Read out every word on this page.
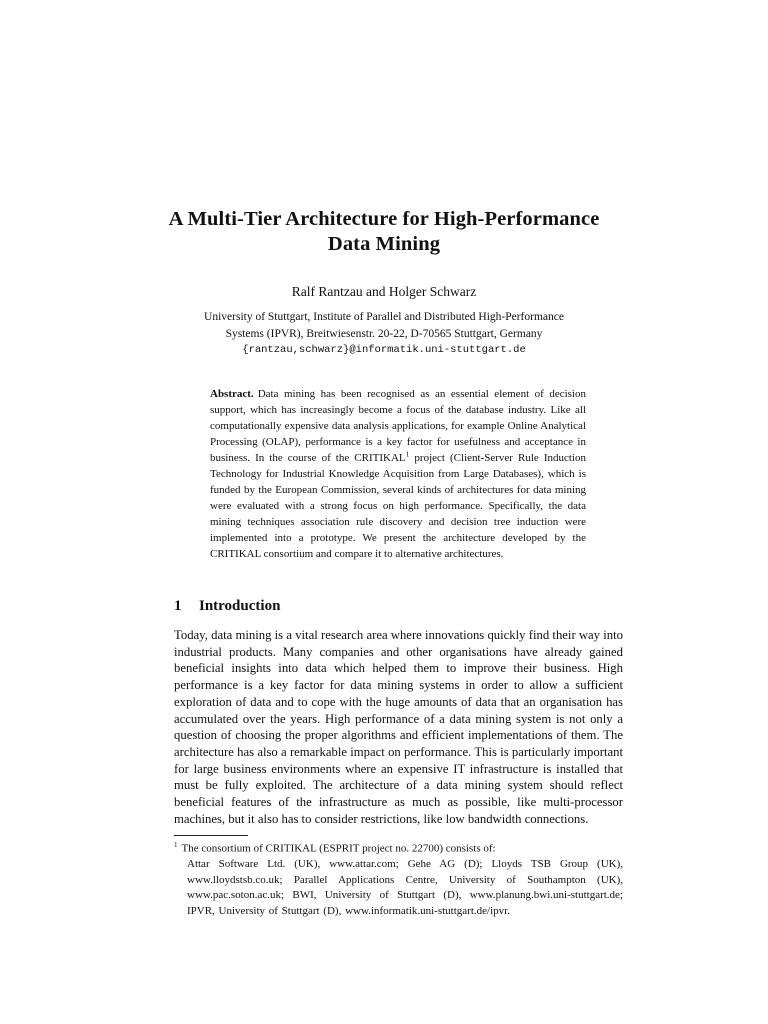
A Multi-Tier Architecture for High-Performance
Data Mining
Ralf Rantzau and Holger Schwarz
University of Stuttgart, Institute of Parallel and Distributed High-Performance
Systems (IPVR), Breitwiesenstr. 20-22, D-70565 Stuttgart, Germany
{rantzau,schwarz}@informatik.uni-stuttgart.de
Abstract. Data mining has been recognised as an essential element of decision support, which has increasingly become a focus of the database industry. Like all computationally expensive data analysis applications, for example Online Analytical Processing (OLAP), performance is a key factor for usefulness and acceptance in business. In the course of the CRITIKAL$^1$ project (Client-Server Rule Induction Technology for Industrial Knowledge Acquisition from Large Databases), which is funded by the European Commission, several kinds of architectures for data mining were evaluated with a strong focus on high performance. Specifically, the data mining techniques association rule discovery and decision tree induction were implemented into a prototype. We present the architecture developed by the CRITIKAL consortium and compare it to alternative architectures.
1 Introduction
Today, data mining is a vital research area where innovations quickly find their way into industrial products. Many companies and other organisations have already gained beneficial insights into data which helped them to improve their business. High performance is a key factor for data mining systems in order to allow a sufficient exploration of data and to cope with the huge amounts of data that an organisation has accumulated over the years. High performance of a data mining system is not only a question of choosing the proper algorithms and efficient implementations of them. The architecture has also a remarkable impact on performance. This is particularly important for large business environments where an expensive IT infrastructure is installed that must be fully exploited. The architecture of a data mining system should reflect beneficial features of the infrastructure as much as possible, like multi-processor machines, but it also has to consider restrictions, like low bandwidth connections.
$^1$ The consortium of CRITIKAL (ESPRIT project no. 22700) consists of:
Attar Software Ltd. (UK), www.attar.com; Gehe AG (D); Lloyds TSB Group (UK), www.lloydstsb.co.uk; Parallel Applications Centre, University of Southampton (UK), www.pac.soton.ac.uk; BWI, University of Stuttgart (D), www.planung.bwi.uni-stuttgart.de; IPVR, University of Stuttgart (D), www.informatik.uni-stuttgart.de/ipvr.
